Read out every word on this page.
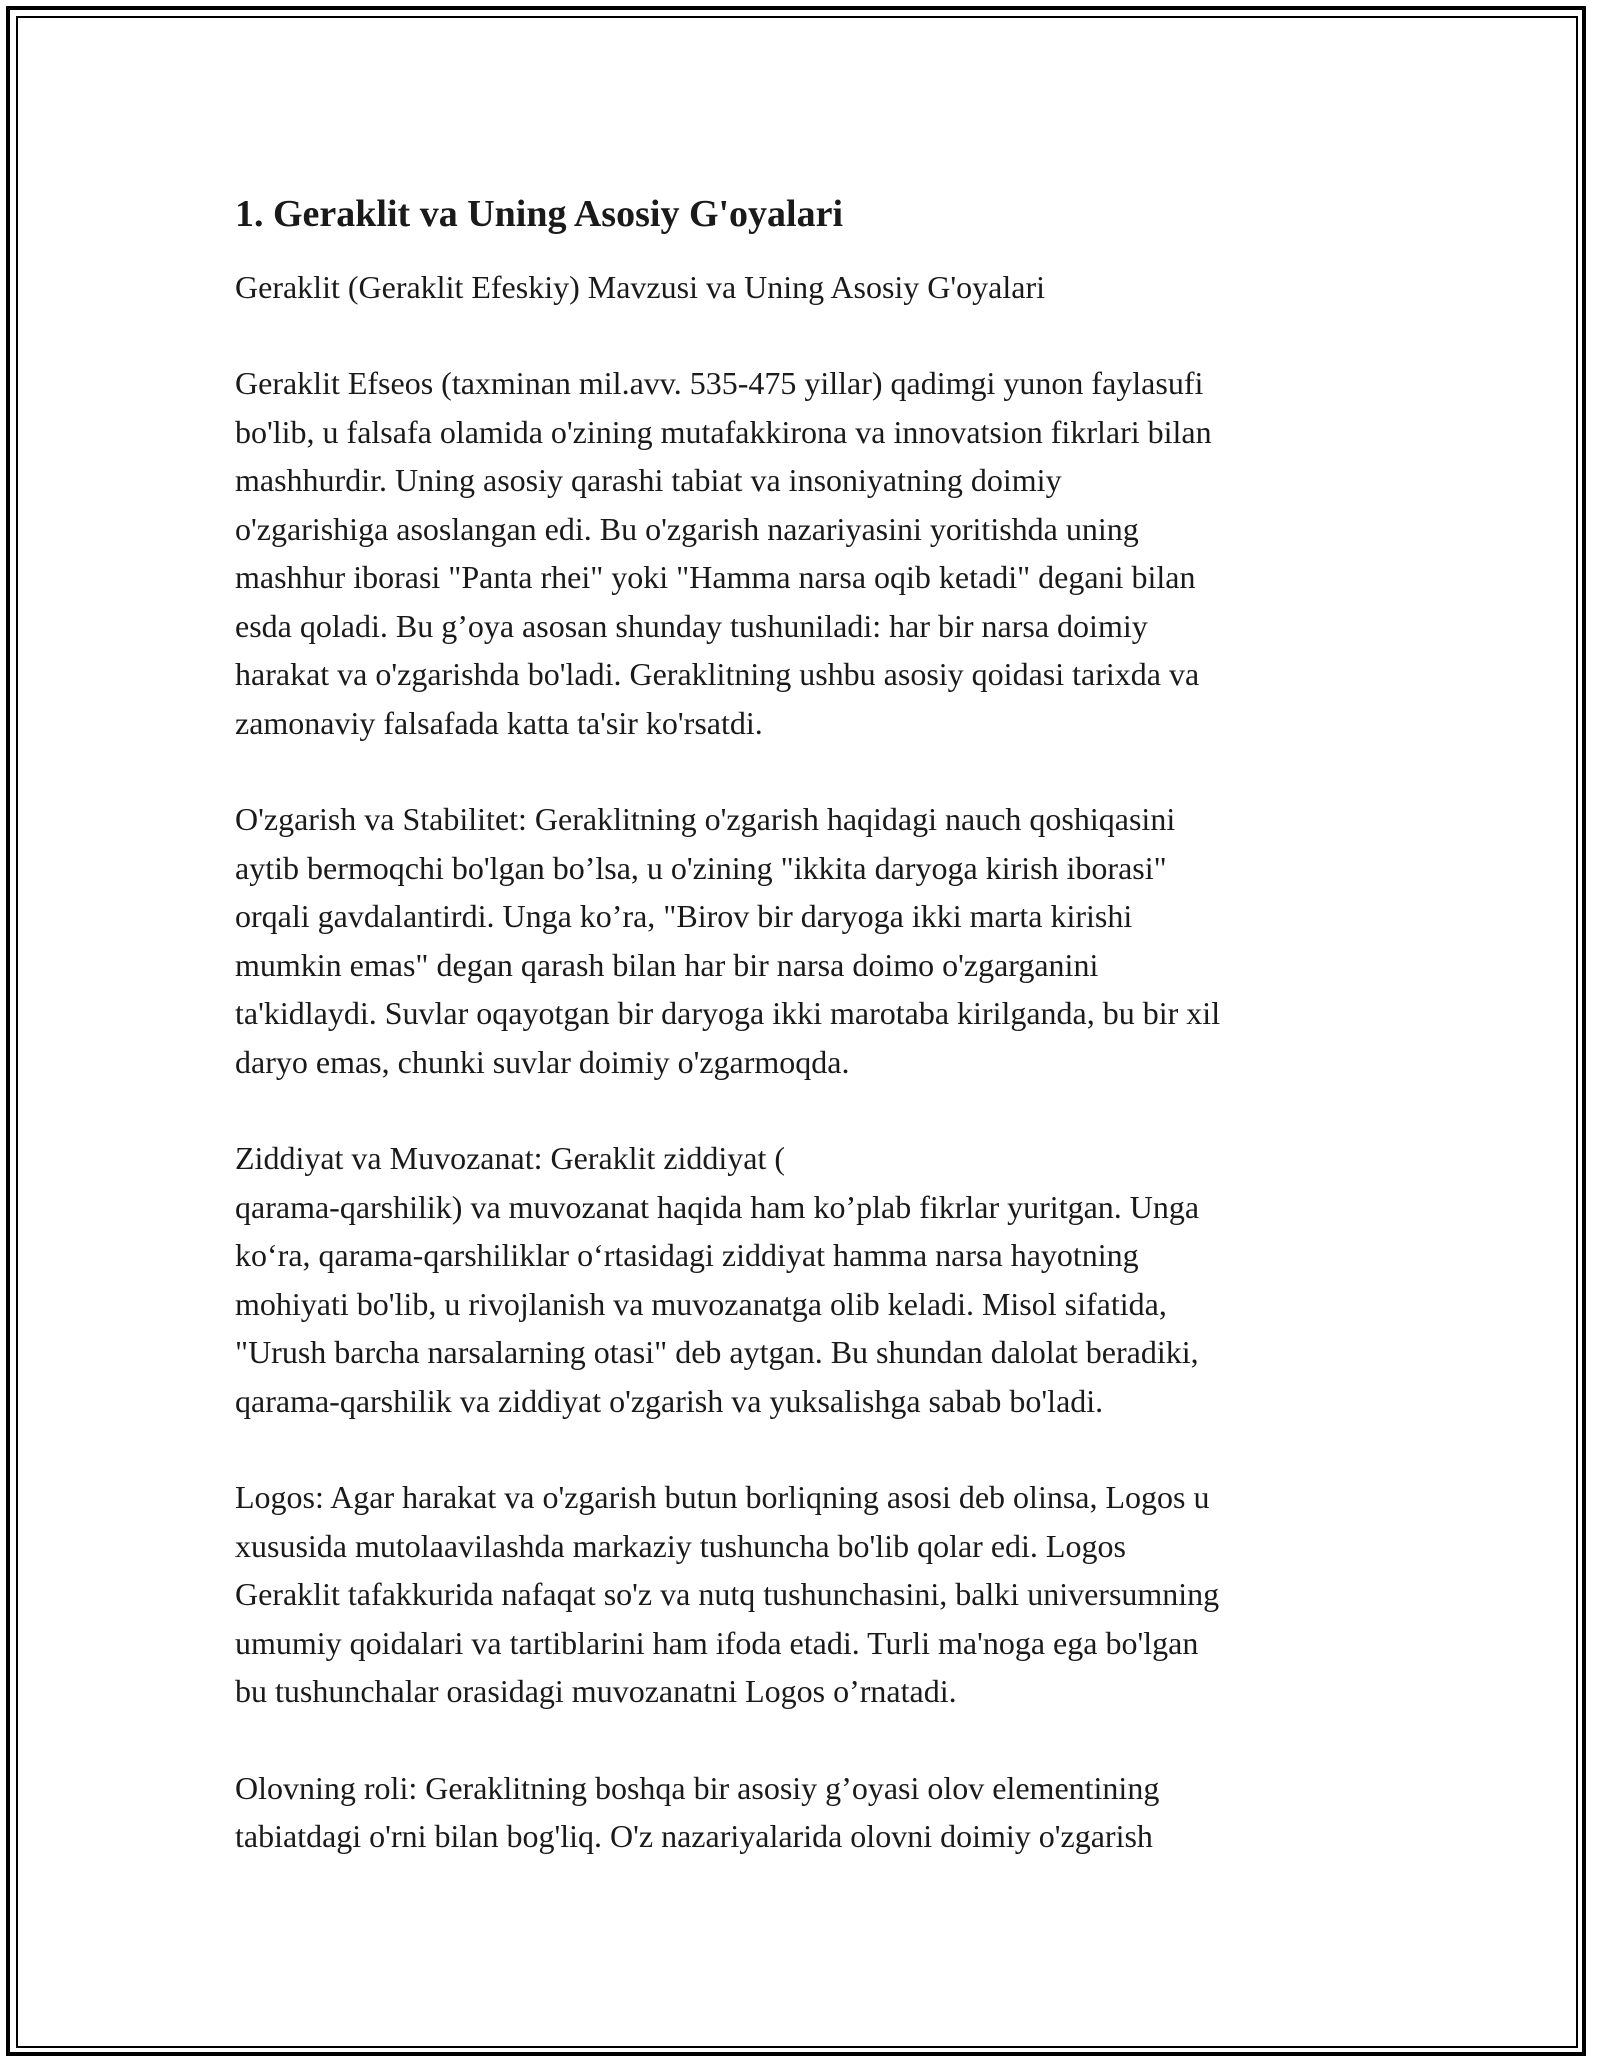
1. Geraklit va Uning Asosiy G'oyalari
Geraklit (Geraklit Efeskiy) Mavzusi va Uning Asosiy G'oyalari
Geraklit Efseos (taxminan mil.avv. 535-475 yillar) qadimgi yunon faylasufi
bo'lib, u falsafa olamida o'zining mutafakkirona va innovatsion fikrlari bilan
mashhurdir. Uning asosiy qarashi tabiat va insoniyatning doimiy
o'zgarishiga asoslangan edi. Bu o'zgarish nazariyasini yoritishda uning
mashhur iborasi "Panta rhei" yoki "Hamma narsa oqib ketadi" degani bilan
esda qoladi. Bu g’oya asosan shunday tushuniladi: har bir narsa doimiy
harakat va o'zgarishda bo'ladi. Geraklitning ushbu asosiy qoidasi tarixda va
zamonaviy falsafada katta ta'sir ko'rsatdi.
O'zgarish va Stabilitet: Geraklitning o'zgarish haqidagi nauch qoshiqasini
aytib bermoqchi bo'lgan bo’lsa, u o'zining "ikkita daryoga kirish iborasi"
orqali gavdalantirdi. Unga ko’ra, "Birov bir daryoga ikki marta kirishi
mumkin emas" degan qarash bilan har bir narsa doimo o'zgarganini
ta'kidlaydi. Suvlar oqayotgan bir daryoga ikki marotaba kirilganda, bu bir xil
daryo emas, chunki suvlar doimiy o'zgarmoqda.
Ziddiyat va Muvozanat: Geraklit ziddiyat (
qarama-qarshilik) va muvozanat haqida ham ko’plab fikrlar yuritgan. Unga
ko‘ra, qarama-qarshiliklar o‘rtasidagi ziddiyat hamma narsa hayotning
mohiyati bo'lib, u rivojlanish va muvozanatga olib keladi. Misol sifatida,
"Urush barcha narsalarning otasi" deb aytgan. Bu shundan dalolat beradiki,
qarama-qarshilik va ziddiyat o'zgarish va yuksalishga sabab bo'ladi.
Logos: Agar harakat va o'zgarish butun borliqning asosi deb olinsa, Logos u
xususida mutolaavilashda markaziy tushuncha bo'lib qolar edi. Logos
Geraklit tafakkurida nafaqat so'z va nutq tushunchasini, balki universumning
umumiy qoidalari va tartiblarini ham ifoda etadi. Turli ma'noga ega bo'lgan
bu tushunchalar orasidagi muvozanatni Logos o’rnatadi.
Olovning roli: Geraklitning boshqa bir asosiy g’oyasi olov elementining
tabiatdagi o'rni bilan bog'liq. O'z nazariyalarida olovni doimiy o'zgarish
